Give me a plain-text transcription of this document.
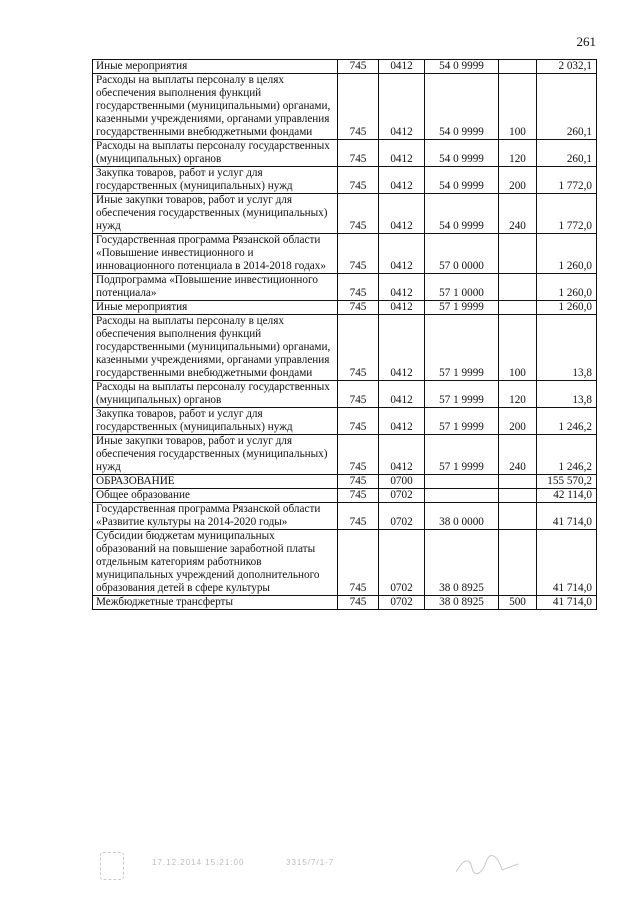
261
Иные мероприятия	745	0412	54 0 9999		2 032,1
Расходы на выплаты персоналу в целях обеспечения выполнения функций государственными (муниципальными) органами, казенными учреждениями, органами управления государственными внебюджетными фондами	745	0412	54 0 9999	100	260,1
Расходы на выплаты персоналу государственных (муниципальных) органов	745	0412	54 0 9999	120	260,1
Закупка товаров, работ и услуг для государственных (муниципальных) нужд	745	0412	54 0 9999	200	1 772,0
Иные закупки товаров, работ и услуг для обеспечения государственных (муниципальных) нужд	745	0412	54 0 9999	240	1 772,0
Государственная программа Рязанской области «Повышение инвестиционного и инновационного потенциала в 2014-2018 годах»	745	0412	57 0 0000		1 260,0
Подпрограмма «Повышение инвестиционного потенциала»	745	0412	57 1 0000		1 260,0
Иные мероприятия	745	0412	57 1 9999		1 260,0
Расходы на выплаты персоналу в целях обеспечения выполнения функций государственными (муниципальными) органами, казенными учреждениями, органами управления государственными внебюджетными фондами	745	0412	57 1 9999	100	13,8
Расходы на выплаты персоналу государственных (муниципальных) органов	745	0412	57 1 9999	120	13,8
Закупка товаров, работ и услуг для государственных (муниципальных) нужд	745	0412	57 1 9999	200	1 246,2
Иные закупки товаров, работ и услуг для обеспечения государственных (муниципальных) нужд	745	0412	57 1 9999	240	1 246,2
ОБРАЗОВАНИЕ	745	0700			155 570,2
Общее образование	745	0702			42 114,0
Государственная программа Рязанской области «Развитие культуры на 2014-2020 годы»	745	0702	38 0 0000		41 714,0
Субсидии бюджетам муниципальных образований на повышение заработной платы отдельным категориям работников муниципальных учреждений дополнительного образования детей в сфере культуры	745	0702	38 0 8925		41 714,0
Межбюджетные трансферты	745	0702	38 0 8925	500	41 714,0
17.12.2014 15:21:00	3315/7/1-7
